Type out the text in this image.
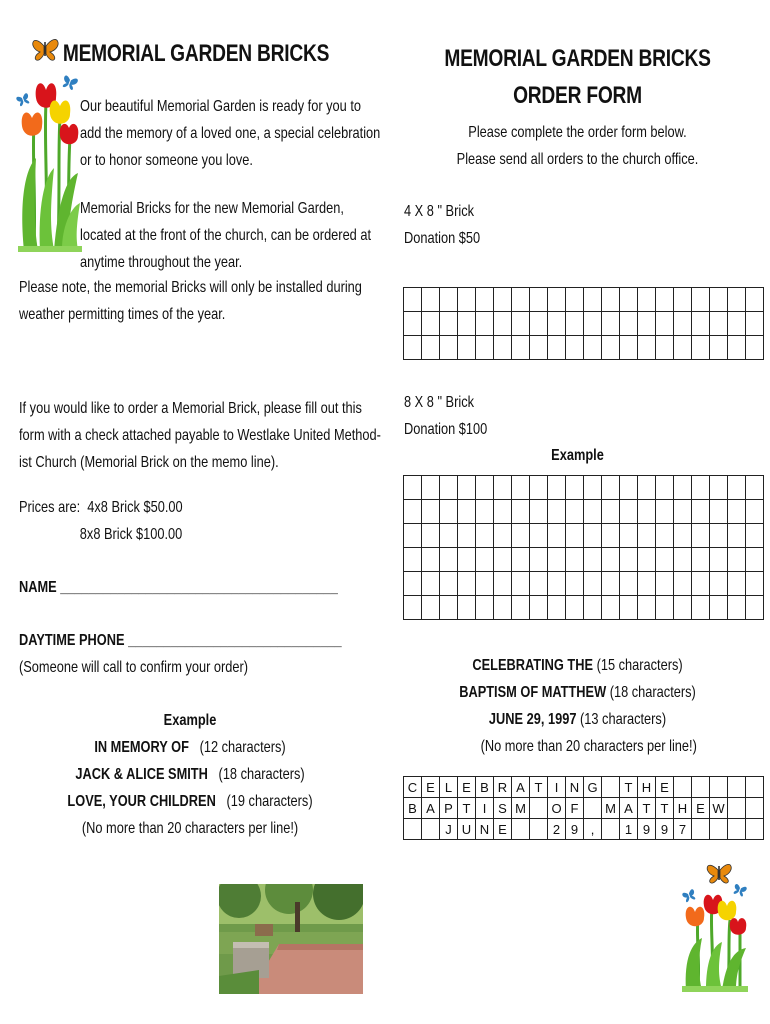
MEMORIAL GARDEN BRICKS
Our beautiful Memorial Garden is ready for you to
add the memory of a loved one, a special celebration
or to honor someone you love.
Memorial Bricks for the new Memorial Garden,
located at the front of the church, can be ordered at
anytime throughout the year.
Please note, the memorial Bricks will only be installed during
weather permitting times of the year.
If you would like to order a Memorial Brick, please fill out this
form with a check attached payable to Westlake United Method-
ist Church (Memorial Brick on the memo line).
Prices are: 4x8 Brick $50.00
8x8 Brick $100.00
NAME _______________________________________
DAYTIME PHONE ______________________________
(Someone will call to confirm your order)
Example
IN MEMORY OF (12 characters)
JACK & ALICE SMITH (18 characters)
LOVE, YOUR CHILDREN (19 characters)
(No more than 20 characters per line!)
MEMORIAL GARDEN BRICKS
ORDER FORM
Please complete the order form below.
Please send all orders to the church office.
4 X 8 " Brick
Donation $50

8 X 8 " Brick
Donation $100
Example

CELEBRATING THE (15 characters)
BAPTISM OF MATTHEW (18 characters)
JUNE 29, 1997 (13 characters)
(No more than 20 characters per line!)
C	E	L	E	B	R	A	T	I	N	G		T	H	E					
B	A	P	T	I	S	M		O	F		M	A	T	T	H	E	W		
		J	U	N	E			2	9	,		1	9	9	7				
